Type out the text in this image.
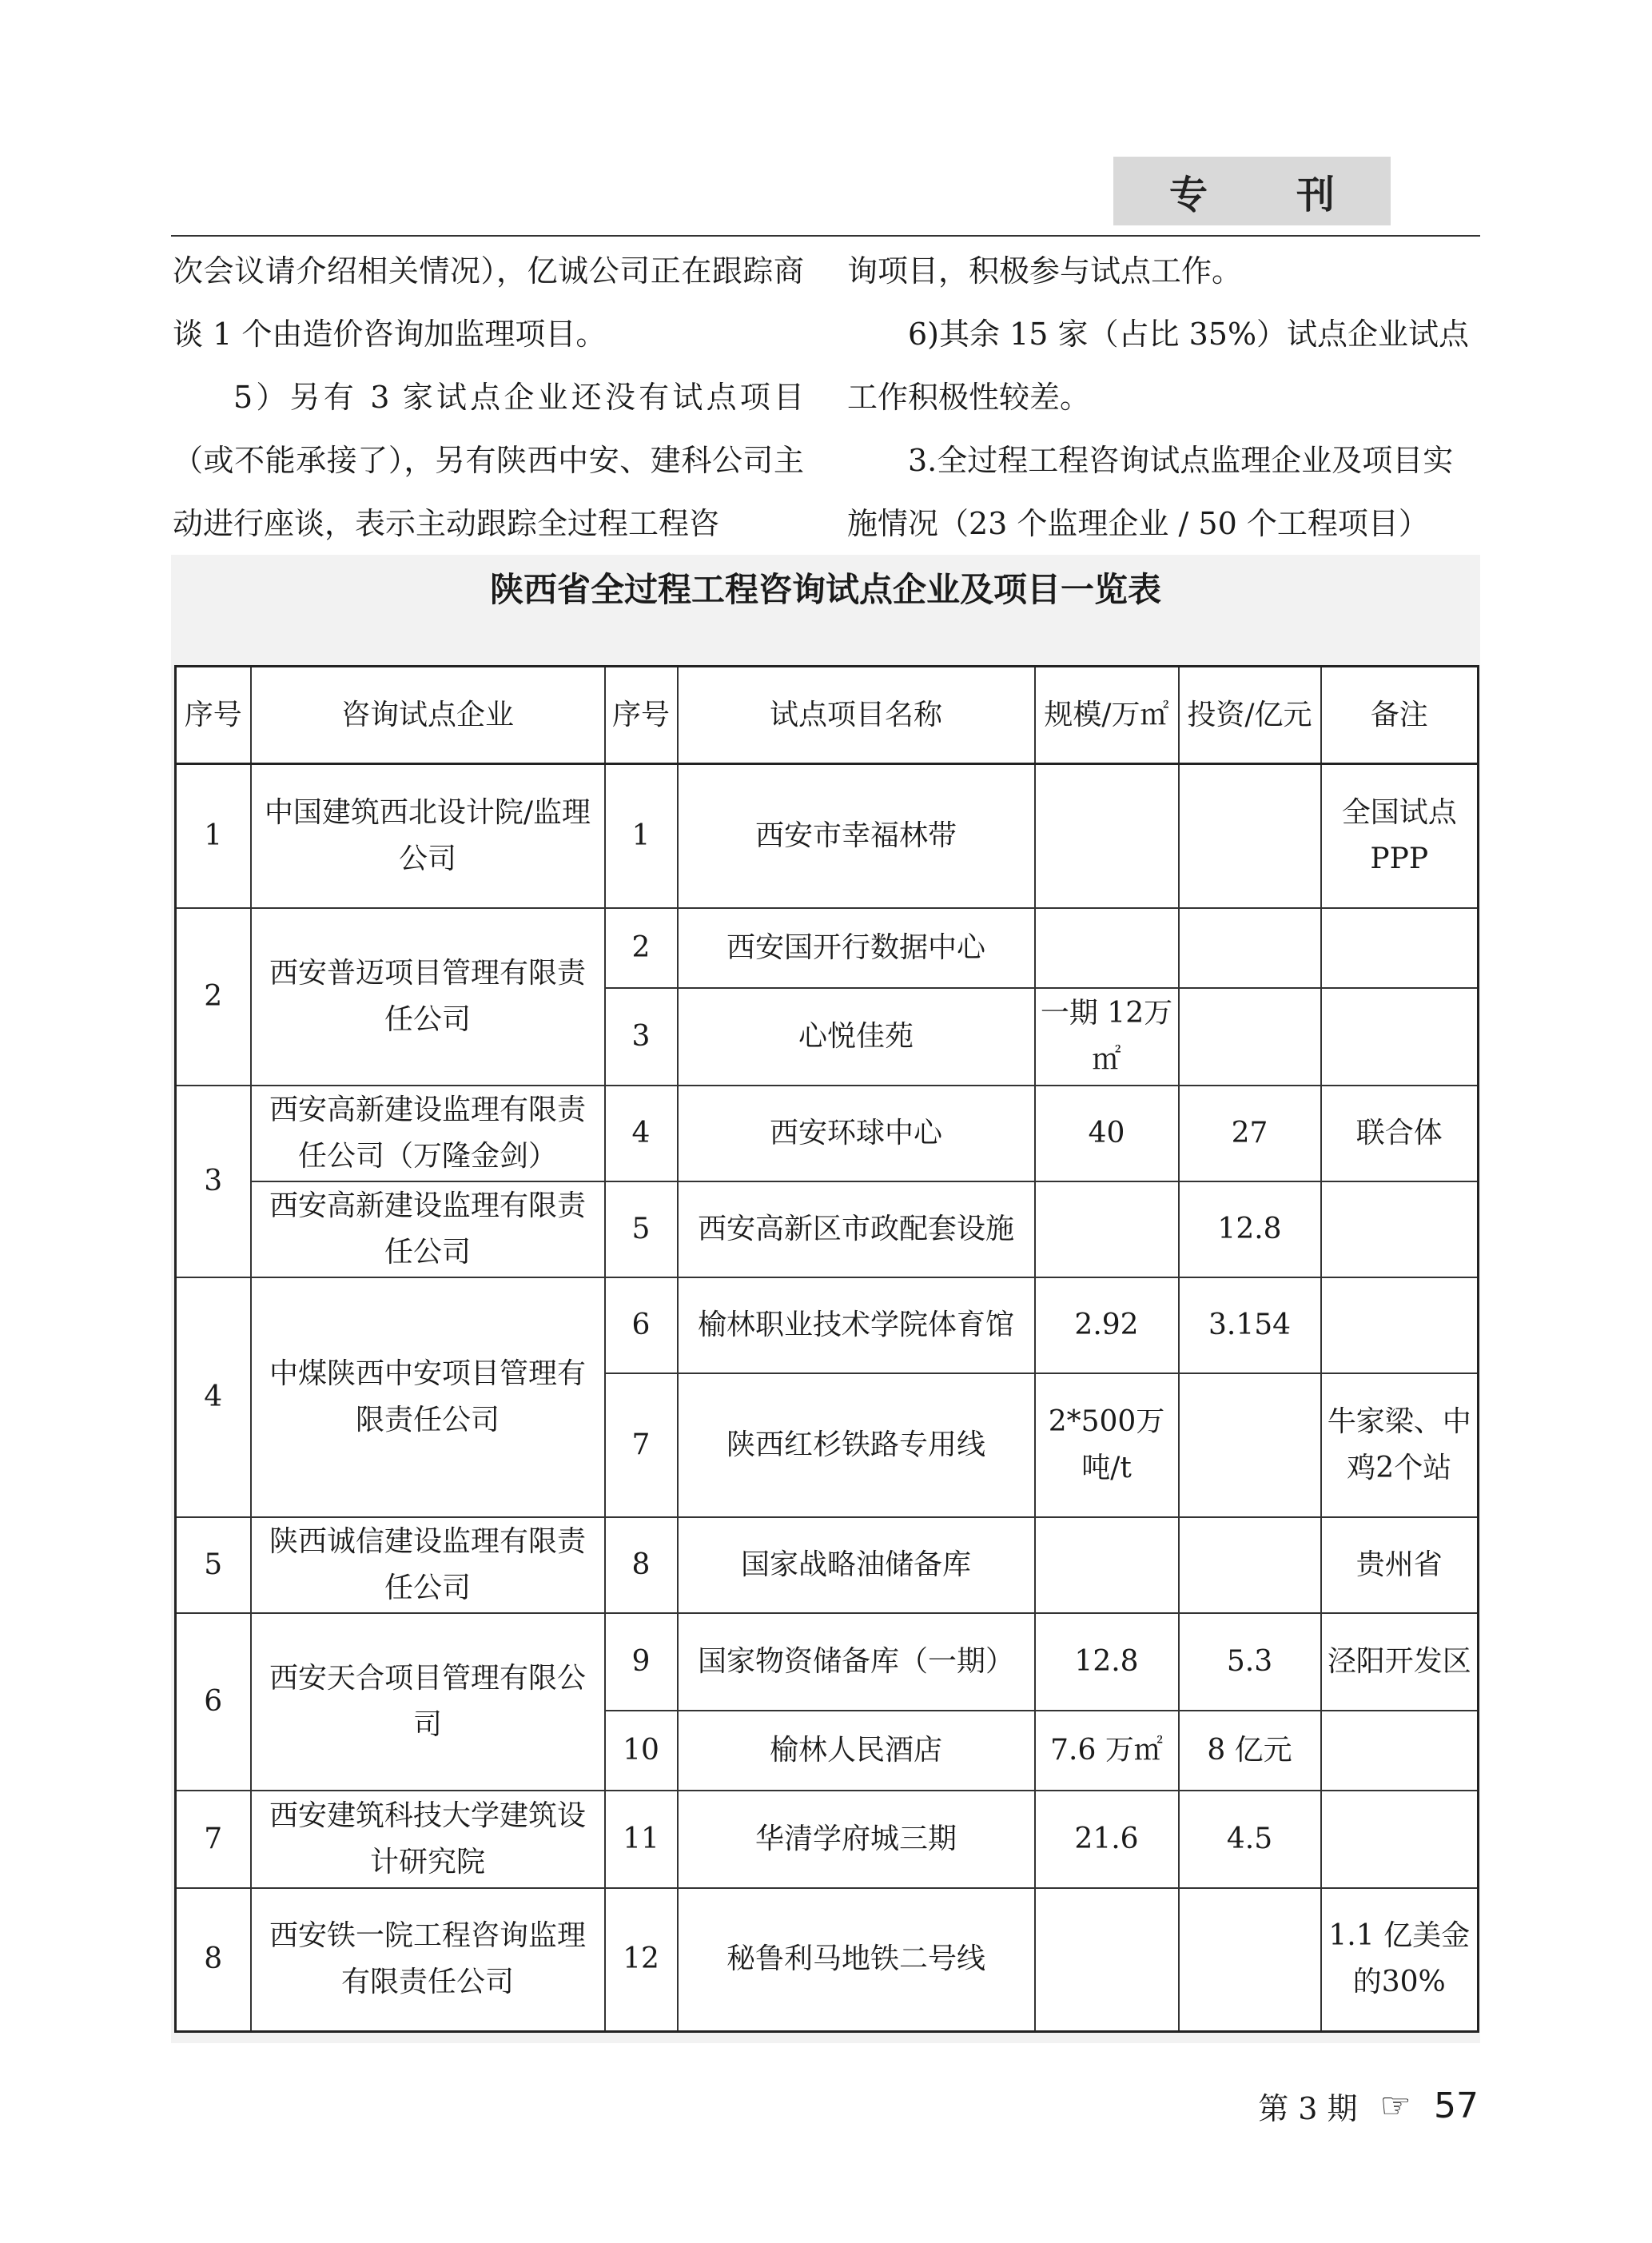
专 刊

次会议请介绍相关情况），亿诚公司正在跟踪商谈 1 个由造价咨询加监理项目。

5）另有 3 家试点企业还没有试点项目（或不能承接了），另有陕西中安、建科公司主动进行座谈，表示主动跟踪全过程工程咨

询项目，积极参与试点工作。

6)其余 15 家（占比 35%）试点企业试点工作积极性较差。

3.全过程工程咨询试点监理企业及项目实施情况（23 个监理企业 / 50 个工程项目）

陕西省全过程工程咨询试点企业及项目一览表
序号	咨询试点企业	序号	试点项目名称	规模/万㎡	投资/亿元	备注
1	中国建筑西北设计院/监理公司	1	西安市幸福林带			全国试点PPP
2	西安普迈项目管理有限责任公司	2	西安国开行数据中心			
		3	心悦佳苑	一期 12万㎡		
3	西安高新建设监理有限责任公司（万隆金剑）	4	西安环球中心	40	27	联合体
	西安高新建设监理有限责任公司	5	西安高新区市政配套设施		12.8	
4	中煤陕西中安项目管理有限责任公司	6	榆林职业技术学院体育馆	2.92	3.154	
		7	陕西红杉铁路专用线	2*500万吨/t		牛家梁、中鸡2个站
5	陕西诚信建设监理有限责任公司	8	国家战略油储备库			贵州省
6	西安天合项目管理有限公司	9	国家物资储备库（一期）	12.8	5.3	泾阳开发区
		10	榆林人民酒店	7.6 万㎡	8 亿元	
7	西安建筑科技大学建筑设计研究院	11	华清学府城三期	21.6	4.5	
8	西安铁一院工程咨询监理有限责任公司	12	秘鲁利马地铁二号线			1.1 亿美金的30%
第 3 期 ☞ 57
